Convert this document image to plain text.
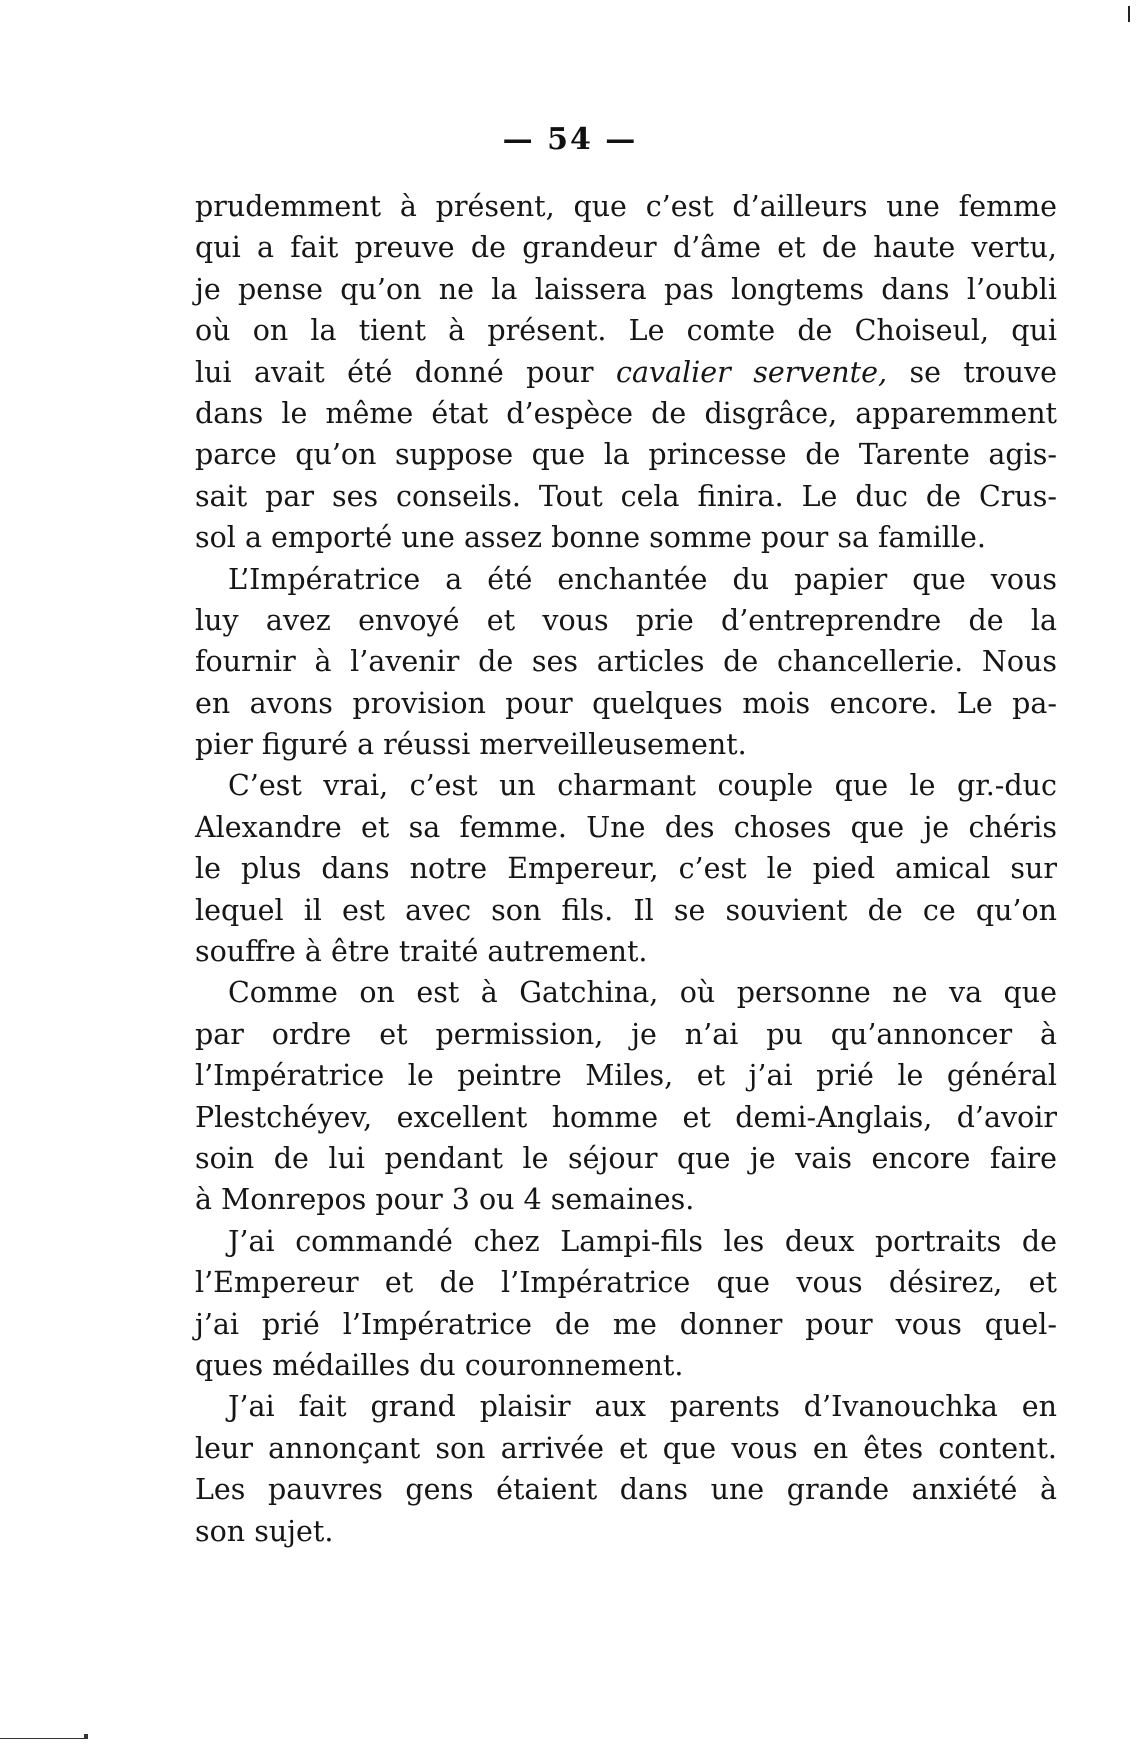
— 54 —
prudemment à présent, que c’est d’ailleurs une femme
qui a fait preuve de grandeur d’âme et de haute vertu,
je pense qu’on ne la laissera pas longtems dans l’oubli
où on la tient à présent. Le comte de Choiseul, qui
lui avait été donné pour cavalier servente, se trouve
dans le même état d’espèce de disgrâce, apparemment
parce qu’on suppose que la princesse de Tarente agis-
sait par ses conseils. Tout cela finira. Le duc de Crus-
sol a emporté une assez bonne somme pour sa famille.
L’Impératrice a été enchantée du papier que vous
luy avez envoyé et vous prie d’entreprendre de la
fournir à l’avenir de ses articles de chancellerie. Nous
en avons provision pour quelques mois encore. Le pa-
pier figuré a réussi merveilleusement.
C’est vrai, c’est un charmant couple que le gr.-duc
Alexandre et sa femme. Une des choses que je chéris
le plus dans notre Empereur, c’est le pied amical sur
lequel il est avec son fils. Il se souvient de ce qu’on
souffre à être traité autrement.
Comme on est à Gatchina, où personne ne va que
par ordre et permission, je n’ai pu qu’annoncer à
l’Impératrice le peintre Miles, et j’ai prié le général
Plestchéyev, excellent homme et demi-Anglais, d’avoir
soin de lui pendant le séjour que je vais encore faire
à Monrepos pour 3 ou 4 semaines.
J’ai commandé chez Lampi-fils les deux portraits de
l’Empereur et de l’Impératrice que vous désirez, et
j’ai prié l’Impératrice de me donner pour vous quel-
ques médailles du couronnement.
J’ai fait grand plaisir aux parents d’Ivanouchka en
leur annonçant son arrivée et que vous en êtes content.
Les pauvres gens étaient dans une grande anxiété à
son sujet.
